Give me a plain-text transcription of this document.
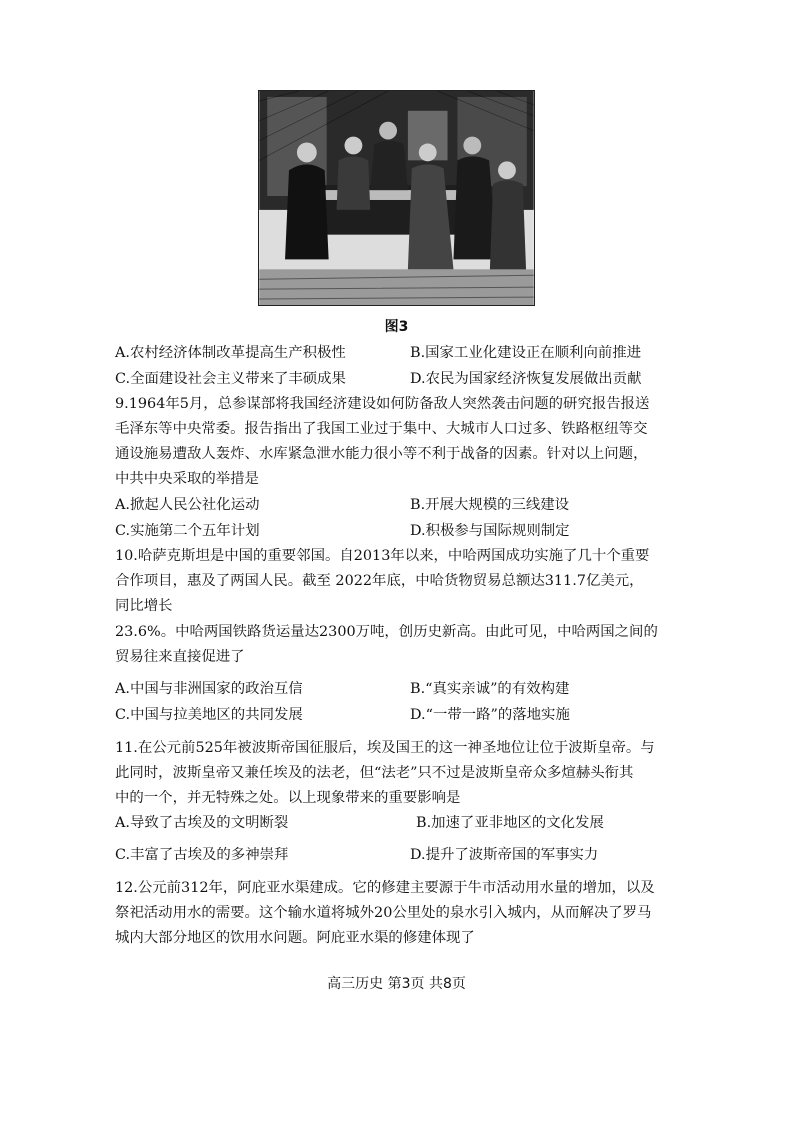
图3
A.农村经济体制改革提高生产积极性	B.国家工业化建设正在顺利向前推进
C.全面建设社会主义带来了丰硕成果	D.农民为国家经济恢复发展做出贡献
9.1964年5月，总参谋部将我国经济建设如何防备敌人突然袭击问题的研究报告报送
毛泽东等中央常委。报告指出了我国工业过于集中、大城市人口过多、铁路枢纽等交
通设施易遭敌人轰炸、水库紧急泄水能力很小等不利于战备的因素。针对以上问题，
中共中央采取的举措是
A.掀起人民公社化运动	B.开展大规模的三线建设
C.实施第二个五年计划	D.积极参与国际规则制定
10.哈萨克斯坦是中国的重要邻国。自2013年以来，中哈两国成功实施了几十个重要
合作项目，惠及了两国人民。截至 2022年底，中哈货物贸易总额达311.7亿美元，
同比增长
23.6%。中哈两国铁路货运量达2300万吨，创历史新高。由此可见，中哈两国之间的
贸易往来直接促进了
A.中国与非洲国家的政治互信	B.“真实亲诚”的有效构建
C.中国与拉美地区的共同发展	D.“一带一路”的落地实施
11.在公元前525年被波斯帝国征服后，埃及国王的这一神圣地位让位于波斯皇帝。与
此同时，波斯皇帝又兼任埃及的法老，但“法老”只不过是波斯皇帝众多煊赫头衔其
中的一个，并无特殊之处。以上现象带来的重要影响是
A.导致了古埃及的文明断裂	B.加速了亚非地区的文化发展
C.丰富了古埃及的多神崇拜	D.提升了波斯帝国的军事实力
12.公元前312年，阿庇亚水渠建成。它的修建主要源于牛市活动用水量的增加，以及
祭祀活动用水的需要。这个输水道将城外20公里处的泉水引入城内，从而解决了罗马
城内大部分地区的饮用水问题。阿庇亚水渠的修建体现了
高三历史 第3页 共8页
